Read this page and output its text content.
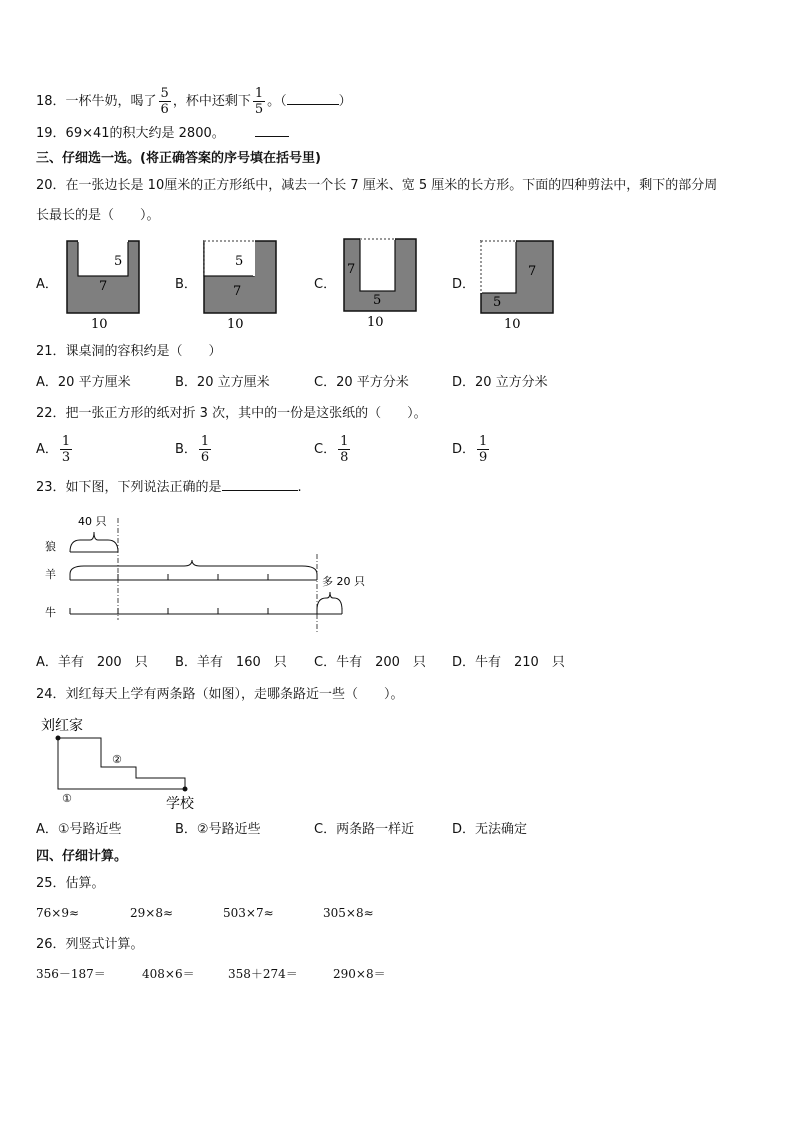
18．一杯牛奶，喝了 $\frac{5}{6}$ ，杯中还剩下 $\frac{1}{5}$ 。（	）
19．69×41的积大约是 2800。
三、仔细选一选。(将正确答案的序号填在括号里)
20．在一张边长是 10厘米的正方形纸中，减去一个长 7 厘米、宽 5 厘米的长方形。下面的四种剪法中，剩下的部分周
长最长的是（　　）。
A．
5
7
10
B．
5
7
10
C．
7
5
10
D．
7
5
10
21．课桌洞的容积约是（　　）
A．20 平方厘米	B．20 立方厘米	C．20 平方分米	D．20 立方分米
22．把一张正方形的纸对折 3 次，其中的一份是这张纸的（　　）。
A． $\frac{1}{3}$	B． $\frac{1}{6}$	C． $\frac{1}{8}$	D． $\frac{1}{9}$
23．如下图，下列说法正确的是	.
狼
羊
牛
40 只
多 20 只
A．羊有　200　只 B．羊有　160　只 C．牛有　200　只 D．牛有　210　只
24．刘红每天上学有两条路（如图），走哪条路近一些（　　）。
刘红家
学校
①
②
A．①号路近些	B．②号路近些	C．两条路一样近	D．无法确定
四、仔细计算。
25．估算。
76×9≈	29×8≈	503×7≈	305×8≈
26．列竖式计算。
356－187＝	408×6＝	358＋274＝	290×8＝
